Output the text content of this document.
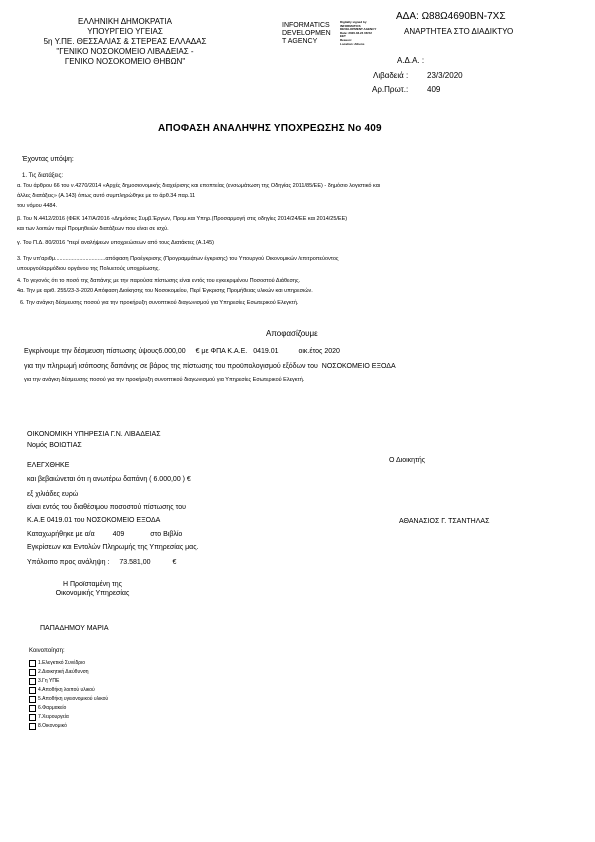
ΕΛΛΗΝΙΚΗ ΔΗΜΟΚΡΑΤΙΑ
ΥΠΟΥΡΓΕΙΟ ΥΓΕΙΑΣ
5η Υ.ΠΕ. ΘΕΣΣΑΛΙΑΣ & ΣΤΕΡΕΑΣ ΕΛΛΑΔΑΣ
"ΓΕΝΙΚΟ ΝΟΣΟΚΟΜΕΙΟ ΛΙΒΑΔΕΙΑΣ -
ΓΕΝΙΚΟ ΝΟΣΟΚΟΜΕΙΟ ΘΗΒΩΝ"
INFORMATICS
DEVELOPMEN
T AGENCY
Digitally signed by
INFORMATICS
DEVELOPMENT AGENCY
Date: 2020.03.24 08:52
EET
Reason:
Location: Athens
ΑΔΑ: Ω88Ω4690ΒΝ-7ΧΣ
ΑΝΑΡΤΗΤΕΑ ΣΤΟ ΔΙΑΔΙΚΤΥΟ
Α.Δ.Α. :
Λιβαδειά : 23/3/2020
Αρ.Πρωτ.: 409
ΑΠΟΦΑΣΗ ΑΝΑΛΗΨΗΣ ΥΠΟΧΡΕΩΣΗΣ Νο 409
Έχοντας υπόψη:
1. Τις διατάξεις:
α. Του άρθρου 66 του ν.4270/2014 «Αρχές δημοσιονομικής διαχείρισης και εποπτείας (ενσωμάτωση της Οδηγίας 2011/85/ΕΕ) - δημόσιο λογιστικό και
άλλες διατάξεις» (Α.143) όπως αυτό συμπληρώθηκε με το άρθ.34 παρ.11
του νόμου 4484.
β. Του Ν.4412/2016 (ΦΕΚ 147/Α/2016 «Δημόσιες Συμβ.Έργων, Προμ.και Υπηρ.(Προσαρμογή στις οδηγίες 2014/24/ΕΕ και 2014/25/ΕΕ)
και των λοιπών περί Προμηθειών διατάξεων που είναι σε ισχύ.
γ. Του Π.Δ. 80/2016 "περί αναλήψεων υποχρεώσεων από τους Διατάκτες (Α.145)
3. Την υπ'αριθμ.................................απόφαση Προέγκρισης (Προγραμμάτων έγκρισης) του Υπουργού Οικονομικών /επιτροπεύοντος
υπουργού/αρμόδιου οργάνου της Πολυετούς υποχρέωσης.
4. Το γεγονός ότι το ποσό της δαπάνης με την παρούσα πίστωσης είναι εντός του εγκεκριμένου Ποσοστού Διάθεσης.
4α. Την με αριθ. 255/23-3-2020 Απόφαση Διοίκησης του Νοσοκομείου, Περί Έγκρισης Προμήθειας υλικών και υπηρεσιών.
6. Την ανάγκη δέσμευσης ποσού για την προκήρυξη συνοπτικού διαγωνισμού για Υπηρεσίες Εσωτερικού Ελεγκτή.
Αποφασίζουμε
Εγκρίνουμε την δέσμευση πίστωσης ύψους6.000,00 € με ΦΠΑ Κ.Α.Ε. 0419.01	οικ.έτος 2020
για την πληρωμή ισόποσης δαπάνης σε βάρος της πίστωσης του προϋπολογισμού εξόδων του ΝΟΣΟΚΟΜΕΙΟ ΕΞΟΔΑ
για την ανάγκη δέσμευσης ποσού για την προκήρυξη συνοπτικού διαγωνισμού για Υπηρεσίες Εσωτερικού Ελεγκτή.
ΟΙΚΟΝΟΜΙΚΗ ΥΠΗΡΕΣΙΑ Γ.Ν. ΛΙΒΑΔΕΙΑΣ
Νομός ΒΟΙΩΤΙΑΣ
ΕΛΕΓΧΘΗΚΕ
και βεβαιώνεται ότι η ανωτέρω δαπάνη ( 6.000,00 ) €
εξ χιλιάδες ευρώ
είναι εντός του διαθέσιμου ποσοστού πίστωσης του
Κ.Α.Ε 0419.01 του ΝΟΣΟΚΟΜΕΙΟ ΕΞΟΔΑ
Καταχωρήθηκε με α/α	409	στο Βιβλίο
Εγκρίσεων και Εντολών Πληρωμής της Υπηρεσίας μας.
Υπόλοιπο προς ανάληψη : 73.581,00	€
Η Προϊσταμένη της
Οικονομικής Υπηρεσίας
ΠΑΠΑΔΗΜΟΥ ΜΑΡΙΑ
Ο Διοικητής
ΑΘΑΝΑΣΙΟΣ Γ. ΤΣΑΝΤΗΛΑΣ
Κοινοποίηση:
1.Ελεγκτικό Συνέδριο
2.Διοικητική Διεύθυνση
3.Γη ΥΠΕ
4.Αποθήκη λοιπού υλικού
5.Αποθήκη υγειονομικού υλικού
6.Φαρμακείο
7.Χειρουργεία
8.Οικονομικό
